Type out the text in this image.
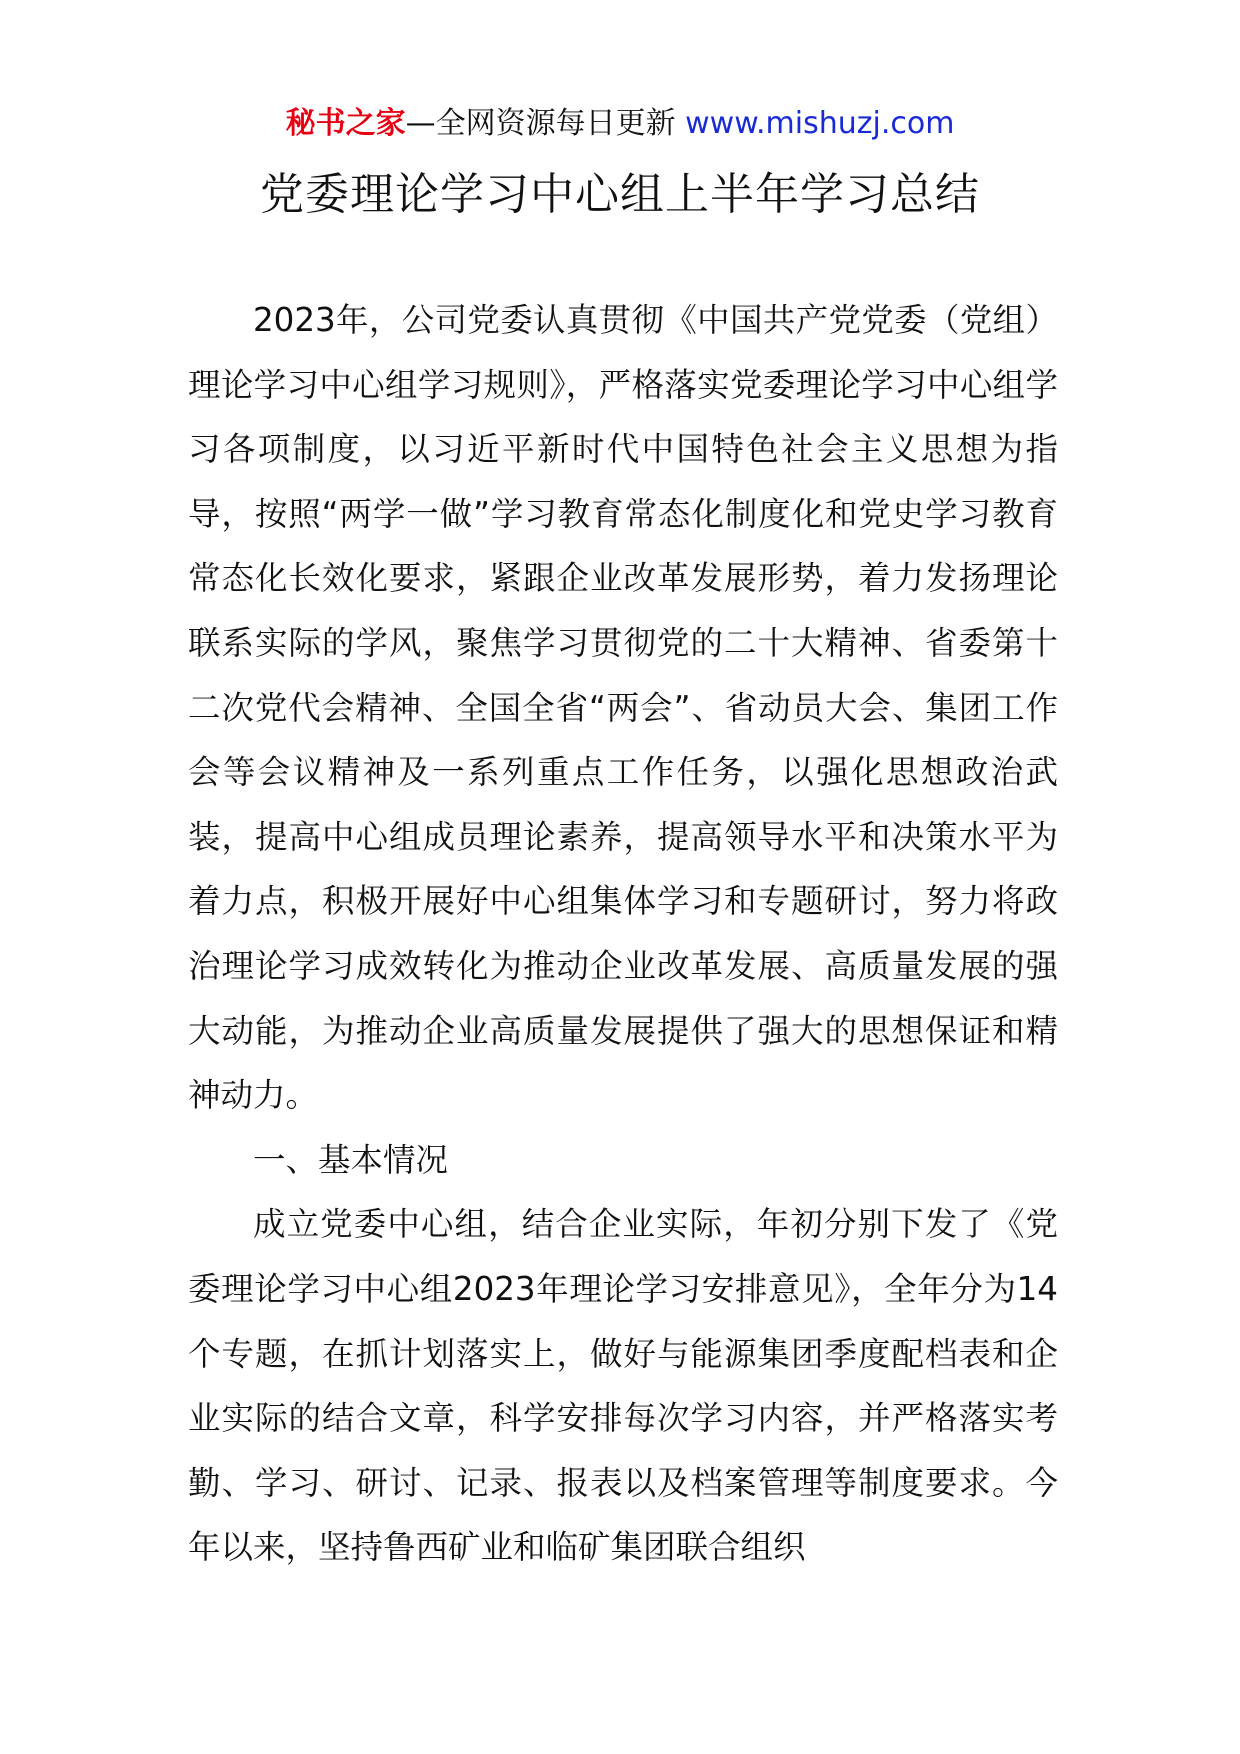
秘书之家—全网资源每日更新 www.mishuzj.com
党委理论学习中心组上半年学习总结

2023年，公司党委认真贯彻《中国共产党党委（党组）理论学习中心组学习规则》，严格落实党委理论学习中心组学习各项制度，以习近平新时代中国特色社会主义思想为指导，按照“两学一做”学习教育常态化制度化和党史学习教育常态化长效化要求，紧跟企业改革发展形势，着力发扬理论联系实际的学风，聚焦学习贯彻党的二十大精神、省委第十二次党代会精神、全国全省“两会”、省动员大会、集团工作会等会议精神及一系列重点工作任务，以强化思想政治武装，提高中心组成员理论素养，提高领导水平和决策水平为着力点，积极开展好中心组集体学习和专题研讨，努力将政治理论学习成效转化为推动企业改革发展、高质量发展的强大动能，为推动企业高质量发展提供了强大的思想保证和精神动力。

一、基本情况

成立党委中心组，结合企业实际，年初分别下发了《党委理论学习中心组2023年理论学习安排意见》，全年分为14个专题，在抓计划落实上，做好与能源集团季度配档表和企业实际的结合文章，科学安排每次学习内容，并严格落实考勤、学习、研讨、记录、报表以及档案管理等制度要求。今年以来，坚持鲁西矿业和临矿集团联合组织
